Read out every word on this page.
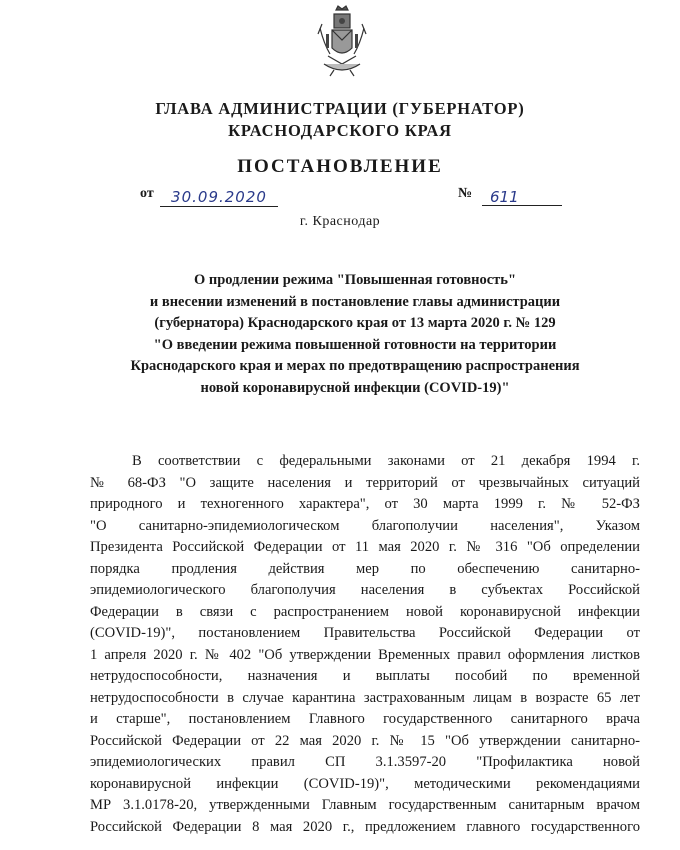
ГЛАВА АДМИНИСТРАЦИИ (ГУБЕРНАТОР)
КРАСНОДАРСКОГО КРАЯ
ПОСТАНОВЛЕНИЕ
от	30.09.2020	№	611
г. Краснодар
О продлении режима "Повышенная готовность"
и внесении изменений в постановление главы администрации
(губернатора) Краснодарского края от 13 марта 2020 г. № 129
"О введении режима повышенной готовности на территории
Краснодарского края и мерах по предотвращению распространения
новой коронавирусной инфекции (COVID-19)"
В соответствии с федеральными законами от 21 декабря 1994 г.
№ 68-ФЗ "О защите населения и территорий от чрезвычайных ситуаций
природного и техногенного характера", от 30 марта 1999 г. № 52-ФЗ
"О санитарно-эпидемиологическом благополучии населения", Указом
Президента Российской Федерации от 11 мая 2020 г. № 316 "Об определении
порядка продления действия мер по обеспечению санитарно-
эпидемиологического благополучия населения в субъектах Российской
Федерации в связи с распространением новой коронавирусной инфекции
(COVID-19)", постановлением Правительства Российской Федерации от
1 апреля 2020 г. № 402 "Об утверждении Временных правил оформления листков
нетрудоспособности, назначения и выплаты пособий по временной
нетрудоспособности в случае карантина застрахованным лицам в возрасте 65 лет
и старше", постановлением Главного государственного санитарного врача
Российской Федерации от 22 мая 2020 г. № 15 "Об утверждении санитарно-
эпидемиологических правил СП 3.1.3597-20 "Профилактика новой
коронавирусной инфекции (COVID-19)", методическими рекомендациями
МР 3.1.0178-20, утвержденными Главным государственным санитарным врачом
Российской Федерации 8 мая 2020 г., предложением главного государственного
